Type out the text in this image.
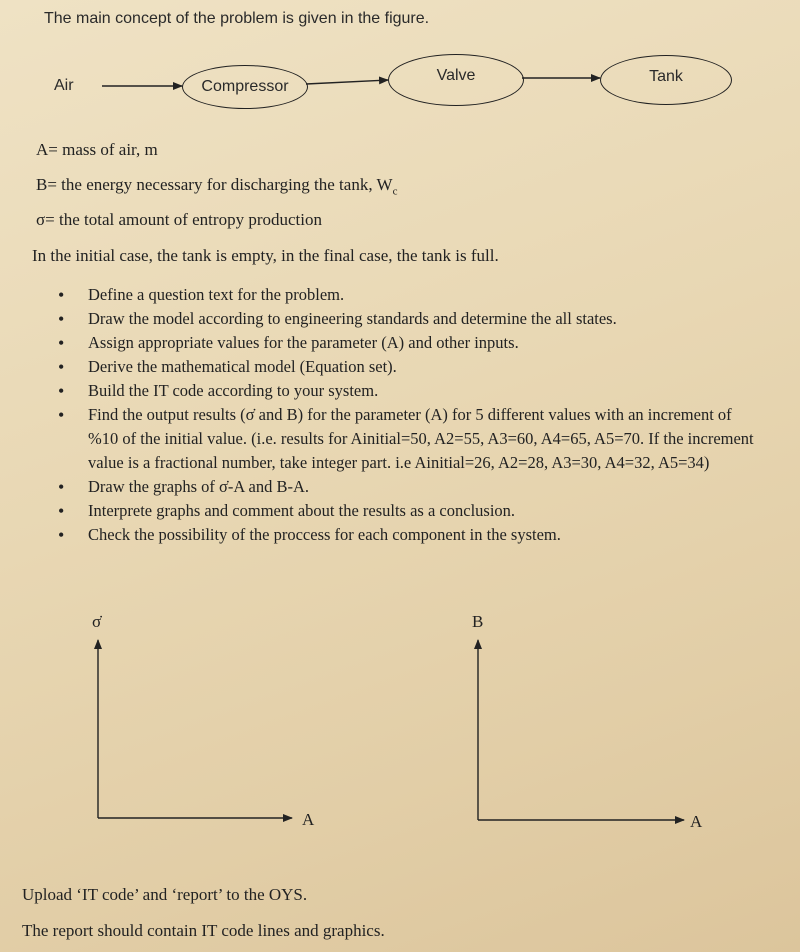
The main concept of the problem is given in the figure.
Air	Compressor
Valve	Tank
A= mass of air, m
B= the energy necessary for discharging the tank, $W_c$
σ= the total amount of entropy production
In the initial case, the tank is empty, in the final case, the tank is full.
• Define a question text for the problem.
• Draw the model according to engineering standards and determine the all states.
• Assign appropriate values for the parameter (A) and other inputs.
• Derive the mathematical model (Equation set).
• Build the IT code according to your system.
• Find the output results (σ̇ and B) for the parameter (A) for 5 different values with an increment of %10 of the initial value. (i.e. results for Ainitial=50, A2=55, A3=60, A4=65, A5=70. If the increment value is a fractional number, take integer part. i.e Ainitial=26, A2=28, A3=30, A4=32, A5=34)
• Draw the graphs of σ̇-A and B-A.
• Interprete graphs and comment about the results as a conclusion.
• Check the possibility of the proccess for each component in the system.
σ̇
A
B
A
Upload ‘IT code’ and ‘report’ to the OYS.
The report should contain IT code lines and graphics.
